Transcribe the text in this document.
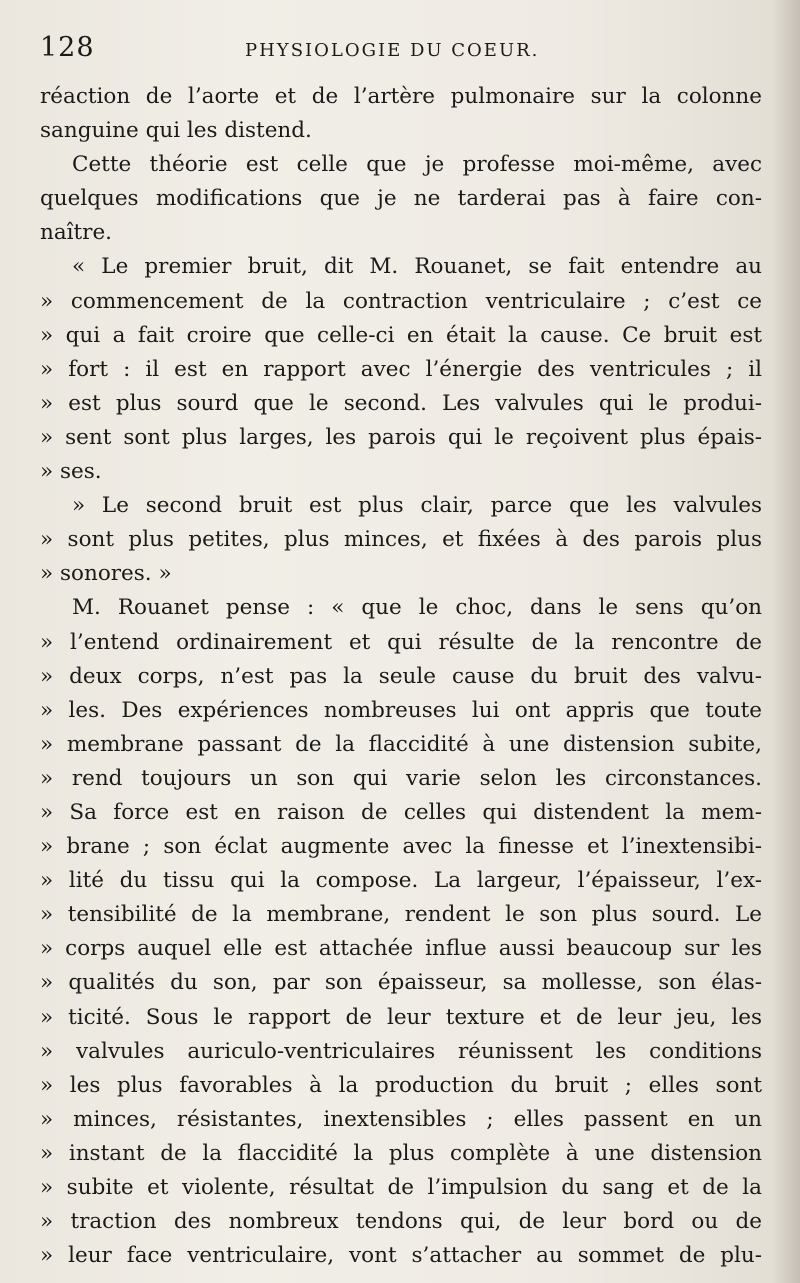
128	PHYSIOLOGIE DU COEUR.
réaction de l’aorte et de l’artère pulmonaire sur la colonne
sanguine qui les distend.
Cette théorie est celle que je professe moi-même, avec
quelques modifications que je ne tarderai pas à faire con-
naître.
« Le premier bruit, dit M. Rouanet, se fait entendre au
» commencement de la contraction ventriculaire ; c’est ce
» qui a fait croire que celle-ci en était la cause. Ce bruit est
» fort : il est en rapport avec l’énergie des ventricules ; il
» est plus sourd que le second. Les valvules qui le produi-
» sent sont plus larges, les parois qui le reçoivent plus épais-
» ses.
» Le second bruit est plus clair, parce que les valvules
» sont plus petites, plus minces, et fixées à des parois plus
» sonores. »
M. Rouanet pense : « que le choc, dans le sens qu’on
» l’entend ordinairement et qui résulte de la rencontre de
» deux corps, n’est pas la seule cause du bruit des valvu-
» les. Des expériences nombreuses lui ont appris que toute
» membrane passant de la flaccidité à une distension subite,
» rend toujours un son qui varie selon les circonstances.
» Sa force est en raison de celles qui distendent la mem-
» brane ; son éclat augmente avec la finesse et l’inextensibi-
» lité du tissu qui la compose. La largeur, l’épaisseur, l’ex-
» tensibilité de la membrane, rendent le son plus sourd. Le
» corps auquel elle est attachée influe aussi beaucoup sur les
» qualités du son, par son épaisseur, sa mollesse, son élas-
» ticité. Sous le rapport de leur texture et de leur jeu, les
» valvules auriculo-ventriculaires réunissent les conditions
» les plus favorables à la production du bruit ; elles sont
» minces, résistantes, inextensibles ; elles passent en un
» instant de la flaccidité la plus complète à une distension
» subite et violente, résultat de l’impulsion du sang et de la
» traction des nombreux tendons qui, de leur bord ou de
» leur face ventriculaire, vont s’attacher au sommet de plu-
